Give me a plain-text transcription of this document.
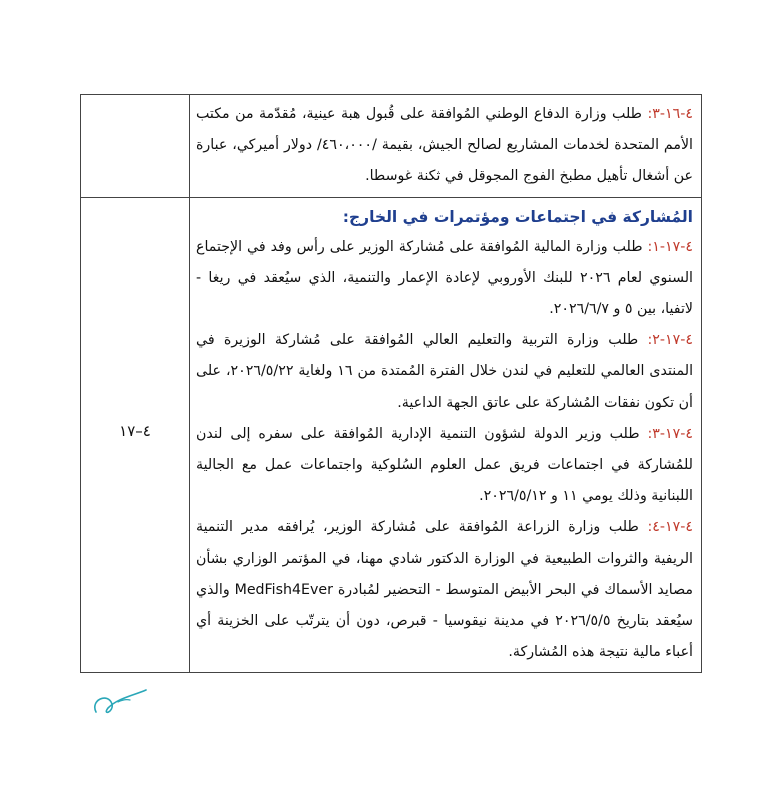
٤-١٦-٣: طلب وزارة الدفاع الوطني المُوافقة على قُبول هبة عينية، مُقدّمة من مكتب الأمم المتحدة لخدمات المشاريع لصالح الجيش، بقيمة /٤٦٠،٠٠٠/ دولار أميركي، عبارة عن أشغال تأهيل مطبخ الفوج المجوقل في ثكنة غوسطا.	

المُشاركة في اجتماعات ومؤتمرات في الخارج:

٤-١٧-١: طلب وزارة المالية المُوافقة على مُشاركة الوزير على رأس وفد في الإجتماع السنوي لعام ٢٠٢٦ للبنك الأوروبي لإعادة الإعمار والتنمية، الذي سيُعقد في ريغا - لاتفيا، بين ٥ و ٢٠٢٦/٦/٧.

٤-١٧-٢: طلب وزارة التربية والتعليم العالي المُوافقة على مُشاركة الوزيرة في المنتدى العالمي للتعليم في لندن خلال الفترة المُمتدة من ١٦ ولغاية ٢٠٢٦/٥/٢٢، على أن تكون نفقات المُشاركة على عاتق الجهة الداعية.

٤-١٧-٣: طلب وزير الدولة لشؤون التنمية الإدارية المُوافقة على سفره إلى لندن للمُشاركة في اجتماعات فريق عمل العلوم السُلوكية واجتماعات عمل مع الجالية اللبنانية وذلك يومي ١١ و ٢٠٢٦/٥/١٢.

٤-١٧-٤: طلب وزارة الزراعة المُوافقة على مُشاركة الوزير، يُرافقه مدير التنمية الريفية والثروات الطبيعية في الوزارة الدكتور شادي مهنا، في المؤتمر الوزاري بشأن مصايد الأسماك في البحر الأبيض المتوسط - التحضير لمُبادرة MedFish4Ever والذي سيُعقد بتاريخ ٢٠٢٦/٥/٥ في مدينة نيقوسيا - قبرص، دون أن يترتّب على الخزينة أي أعباء مالية نتيجة هذه المُشاركة.	٤–١٧
